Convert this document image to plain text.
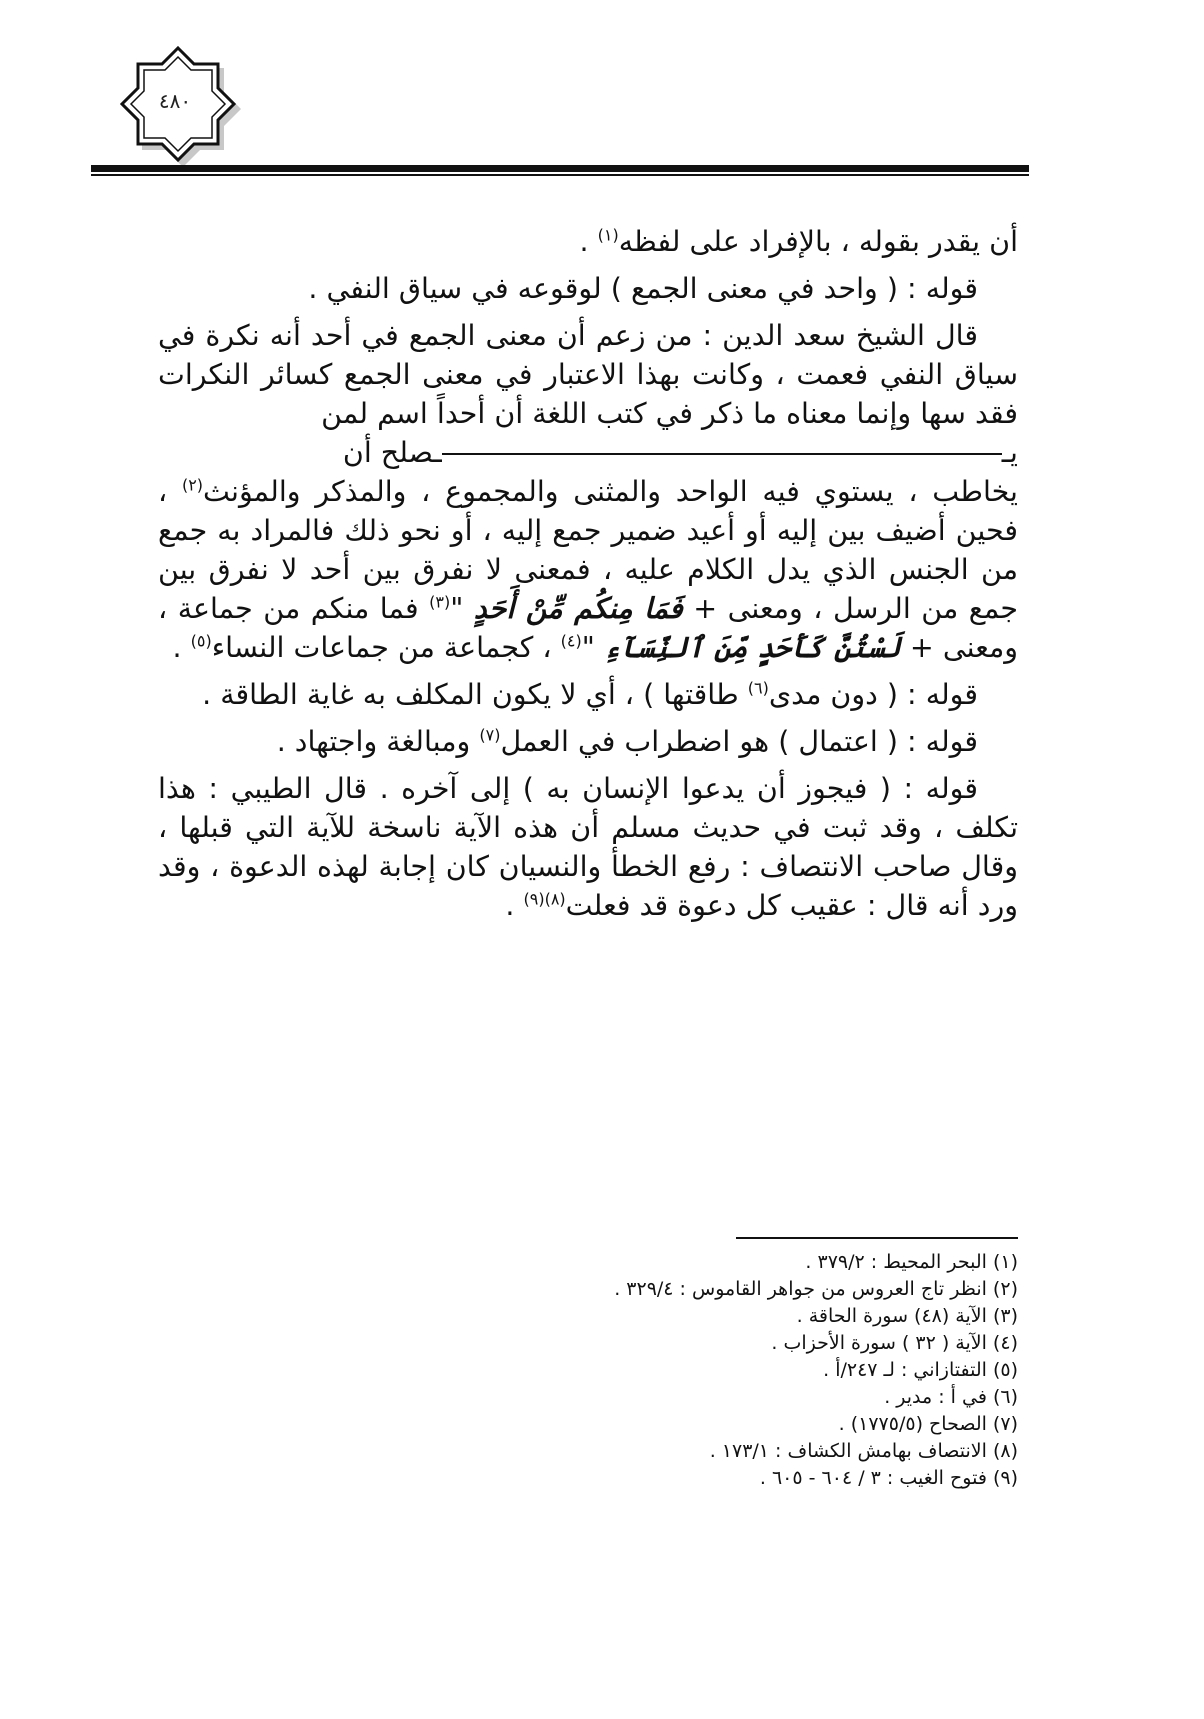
٤٨٠

أن يقدر بقوله ، بالإفراد على لفظه$^{(١)}$ .

قوله : ( واحد في معنى الجمع ) لوقوعه في سياق النفي .

قال الشيخ سعد الدين : من زعم أن معنى الجمع في أحد أنه نكرة في سياق النفي فعمت ، وكانت بهذا الاعتبار في معنى الجمع كسائر النكرات فقد سها وإنما معناه ما ذكر في كتب اللغة أن أحداً اسم لمن
يــصلح أن
يخاطب ، يستوي فيه الواحد والمثنى والمجموع ، والمذكر والمؤنث$^{(٢)}$ ، فحين أضيف بين إليه أو أعيد ضمير جمع إليه ، أو نحو ذلك فالمراد به جمع من الجنس الذي يدل الكلام عليه ، فمعنى لا نفرق بين أحد لا نفرق بين جمع من الرسل ، ومعنى + فَمَا مِنكُم مِّنْ أَحَدٍ "$^{(٣)}$ فما منكم من جماعة ، ومعنى + لَسْتُنَّ كَأَحَدٍ مِّنَ ٱلنِّسَآءِ "$^{(٤)}$ ، كجماعة من جماعات النساء$^{(٥)}$ .

قوله : ( دون مدى$^{(٦)}$ طاقتها ) ، أي لا يكون المكلف به غاية الطاقة .

قوله : ( اعتمال ) هو اضطراب في العمل$^{(٧)}$ ومبالغة واجتهاد .

قوله : ( فيجوز أن يدعوا الإنسان به ) إلى آخره . قال الطيبي : هذا تكلف ، وقد ثبت في حديث مسلم أن هذه الآية ناسخة للآية التي قبلها ، وقال صاحب الانتصاف : رفع الخطأ والنسيان كان إجابة لهذه الدعوة ، وقد ورد أنه قال : عقيب كل دعوة قد فعلت$^{(٨)(٩)}$ .

(١) البحر المحيط : ٣٧٩/٢ .
(٢) انظر تاج العروس من جواهر القاموس : ٣٢٩/٤ .
(٣) الآية (٤٨) سورة الحاقة .
(٤) الآية ( ٣٢ ) سورة الأحزاب .
(٥) التفتازاني : لـ ٢٤٧/أ .
(٦) في أ : مدير .
(٧) الصحاح (١٧٧٥/٥) .
(٨) الانتصاف بهامش الكشاف : ١٧٣/١ .
(٩) فتوح الغيب : ٣ / ٦٠٤ - ٦٠٥ .
